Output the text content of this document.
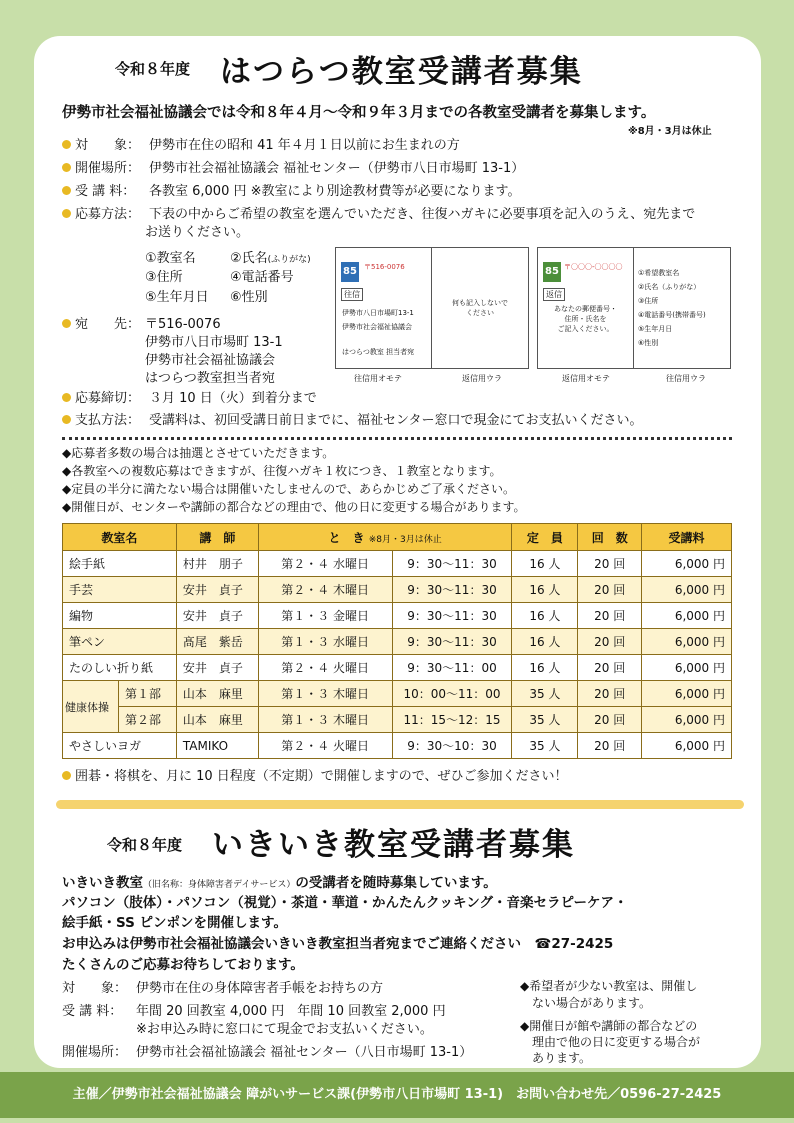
令和８年度 はつらつ教室受講者募集
伊勢市社会福祉協議会では令和８年４月～令和９年３月までの各教室受講者を募集します。
※8月・3月は休止
対　　象： 伊勢市在住の昭和 41 年４月１日以前にお生まれの方
開催場所： 伊勢市社会福祉協議会 福祉センター（伊勢市八日市場町 13-1）
受 講 料： 各教室 6,000 円 ※教室により別途教材費等が必要になります。
応募方法： 下表の中からご希望の教室を選んでいただき、往復ハガキに必要事項を記入のうえ、宛先まで
お送りください。
①教室名	②氏名(ふりがな)
③住所	④電話番号
⑤生年月日 ⑥性別
宛　　先： 〒516-0076
伊勢市八日市場町 13-1
伊勢市社会福祉協議会
はつらつ教室担当者宛
85 〒516-0076
往信
伊勢市八日市場町13-1
伊勢市社会福祉協議会
はつらつ教室 担当者宛
何も記入しないで
ください
往信用オモテ	返信用ウラ
85 〒〇〇〇-〇〇〇〇
返信
あなたの郵便番号・
住所・氏名を
ご記入ください。
①希望教室名
②氏名（ふりがな）
③住所
④電話番号(携帯番号)
⑤生年月日
⑥性別
返信用オモテ	往信用ウラ
応募締切： ３月 10 日（火）到着分まで
支払方法： 受講料は、初回受講日前日までに、福祉センター窓口で現金にてお支払いください。
◆応募者多数の場合は抽選とさせていただきます。
◆各教室への複数応募はできますが、往復ハガキ１枚につき、１教室となります。
◆定員の半分に満たない場合は開催いたしませんので、あらかじめご了承ください。
◆開催日が、センターや講師の都合などの理由で、他の日に変更する場合があります。
教室名		講　師	と　き ※8月・3月は休止		定　員	回　数	受講料
絵手紙		村井　朋子	第２・４ 水曜日	9：30～11：30	16 人	20 回	6,000 円
手芸		安井　貞子	第２・４ 木曜日	9：30～11：30	16 人	20 回	6,000 円
編物		安井　貞子	第１・３ 金曜日	9：30～11：30	16 人	20 回	6,000 円
筆ペン		髙尾　紫岳	第１・３ 水曜日	9：30～11：30	16 人	20 回	6,000 円
たのしい折り紙		安井　貞子	第２・４ 火曜日	9：30～11：00	16 人	20 回	6,000 円
健康体操	第１部	山本　麻里	第１・３ 木曜日	10：00～11：00	35 人	20 回	6,000 円
	第２部	山本　麻里	第１・３ 木曜日	11：15～12：15	35 人	20 回	6,000 円
やさしいヨガ		TAMIKO	第２・４ 火曜日	9：30～10：30	35 人	20 回	6,000 円
囲碁・将棋を、月に 10 日程度（不定期）で開催しますので、ぜひご参加ください！
令和８年度 いきいき教室受講者募集
いきいき教室（旧名称：身体障害者デイサービス）の受講者を随時募集しています。
パソコン（肢体）・パソコン（視覚）・茶道・華道・かんたんクッキング・音楽セラピーケア・
絵手紙・SS ピンポンを開催します。
お申込みは伊勢市社会福祉協議会いきいき教室担当者宛までご連絡ください　 ☎27-2425
たくさんのご応募お待ちしております。
対　　象： 伊勢市在住の身体障害者手帳をお持ちの方
受 講 料： 年間 20 回教室 4,000 円　年間 10 回教室 2,000 円
※お申込み時に窓口にて現金でお支払いください。
開催場所： 伊勢市社会福祉協議会 福祉センター（八日市場町 13-1）
◆希望者が少ない教室は、開催し
ない場合があります。
◆開催日が館や講師の都合などの
理由で他の日に変更する場合が
あります。
主催／伊勢市社会福祉協議会 障がいサービス課(伊勢市八日市場町 13-1)　お問い合わせ先／0596-27-2425
